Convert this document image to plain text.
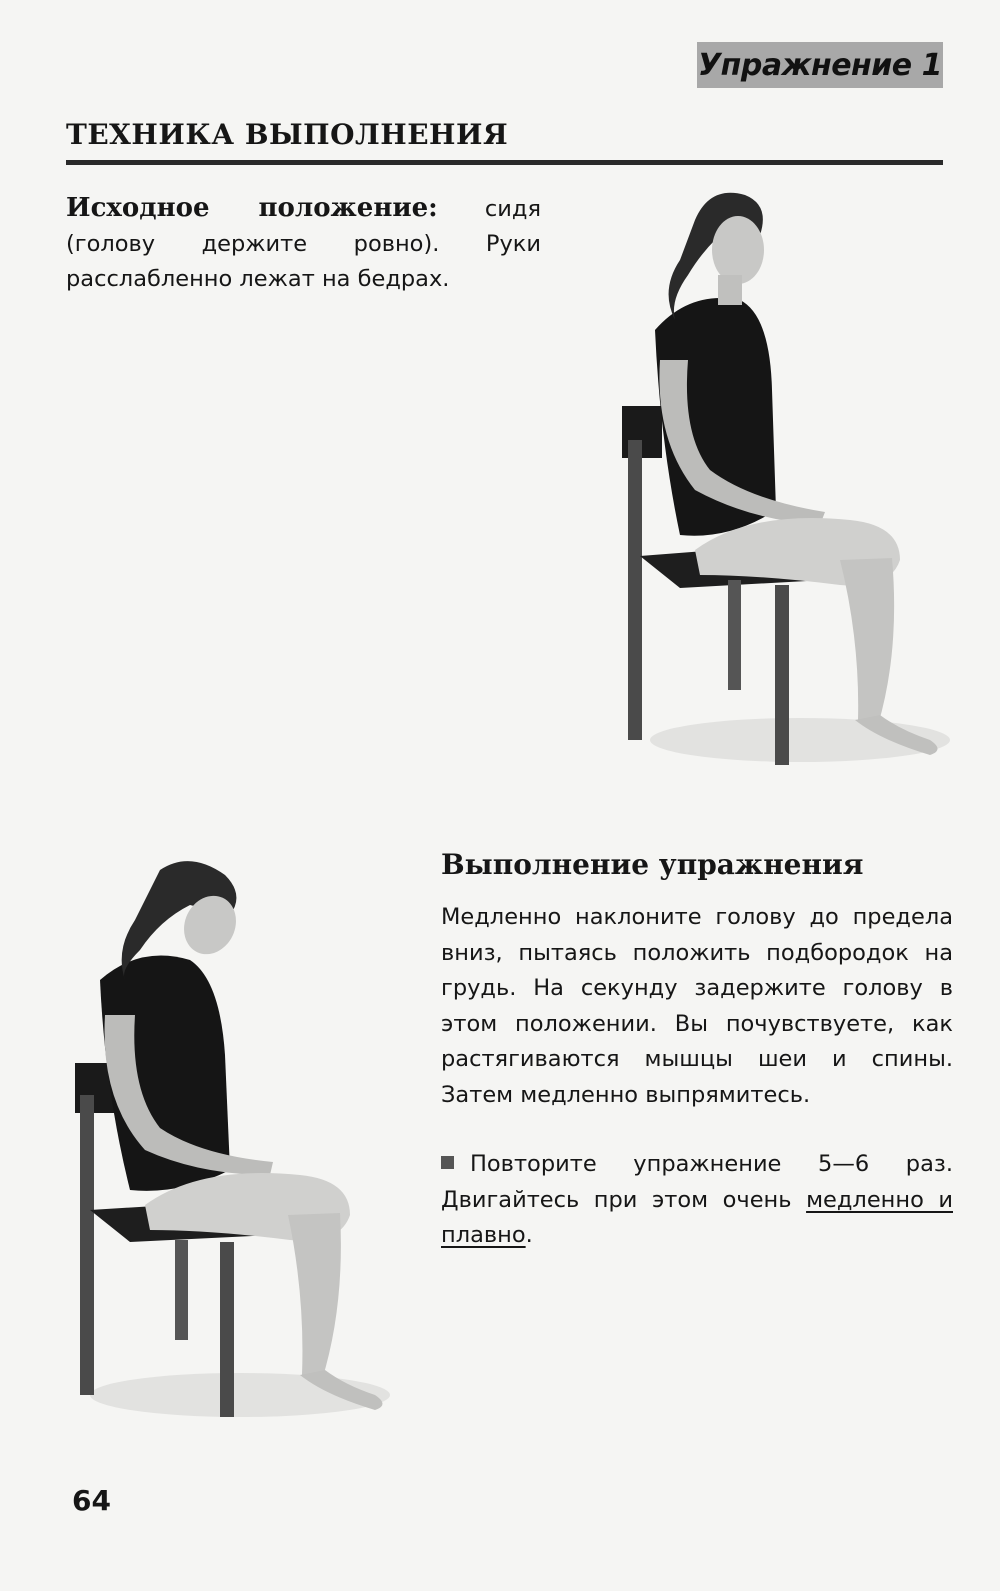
Упражнение 1
ТЕХНИКА ВЫПОЛНЕНИЯ
Исходное положение: сидя (голову держите ровно). Руки расслабленно лежат на бедрах.
Выполнение упражнения
Медленно наклоните голову до предела вниз, пытаясь положить подбородок на грудь. На секунду задержите голову в этом положении. Вы почувствуете, как растягиваются мышцы шеи и спины. Затем медленно выпрямитесь.
Повторите упражнение 5—6 раз. Двигайтесь при этом очень медленно и плавно.
64
